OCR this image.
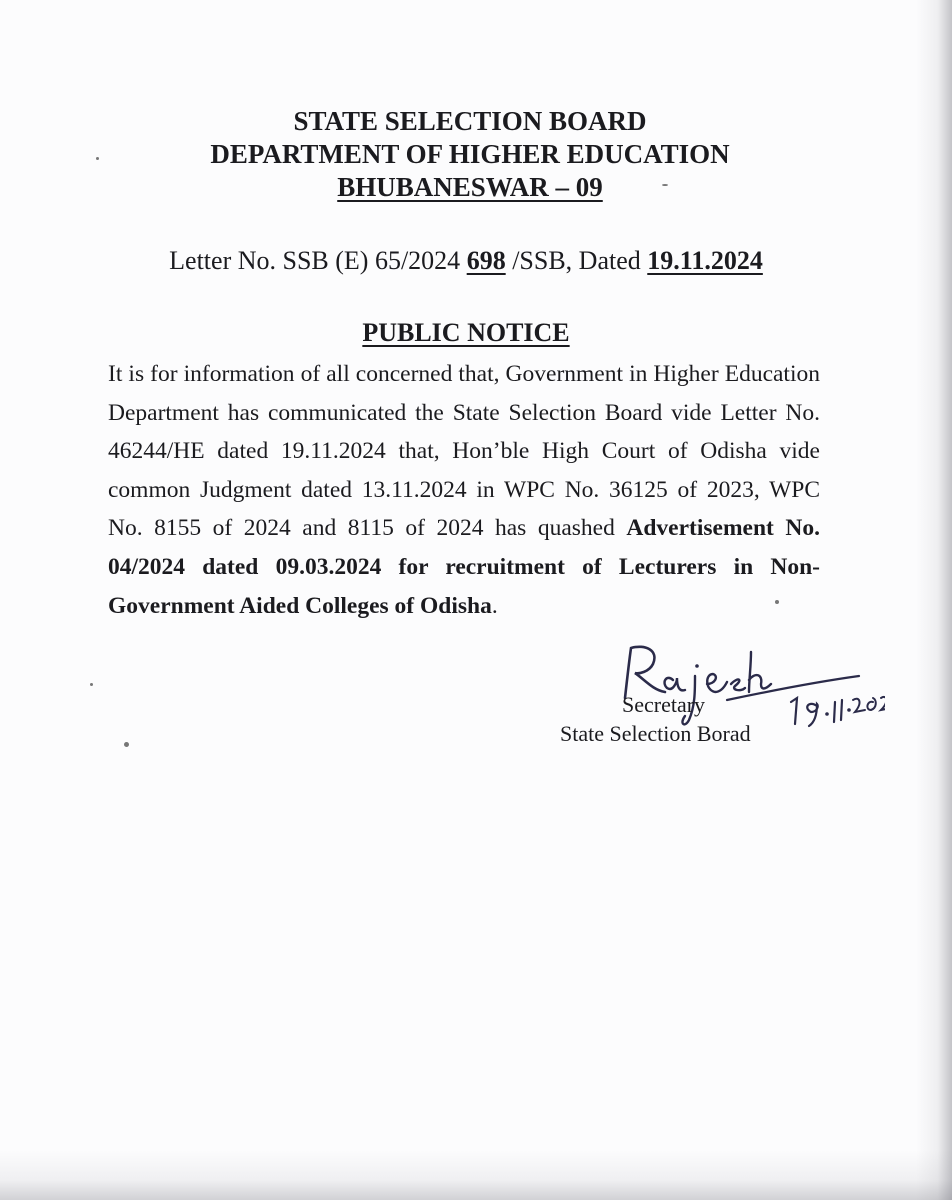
STATE SELECTION BOARD
DEPARTMENT OF HIGHER EDUCATION
BHUBANESWAR – 09
Letter No. SSB (E) 65/2024 698 /SSB, Dated 19.11.2024
PUBLIC NOTICE
It is for information of all concerned that, Government in Higher Education Department has communicated the State Selection Board vide Letter No. 46244/HE dated 19.11.2024 that, Hon’ble High Court of Odisha vide common Judgment dated 13.11.2024 in WPC No. 36125 of 2023, WPC No. 8155 of 2024 and 8115 of 2024 has quashed Advertisement No. 04/2024 dated 09.03.2024 for recruitment of Lecturers in Non-Government Aided Colleges of Odisha.
Secretary
State Selection Borad
